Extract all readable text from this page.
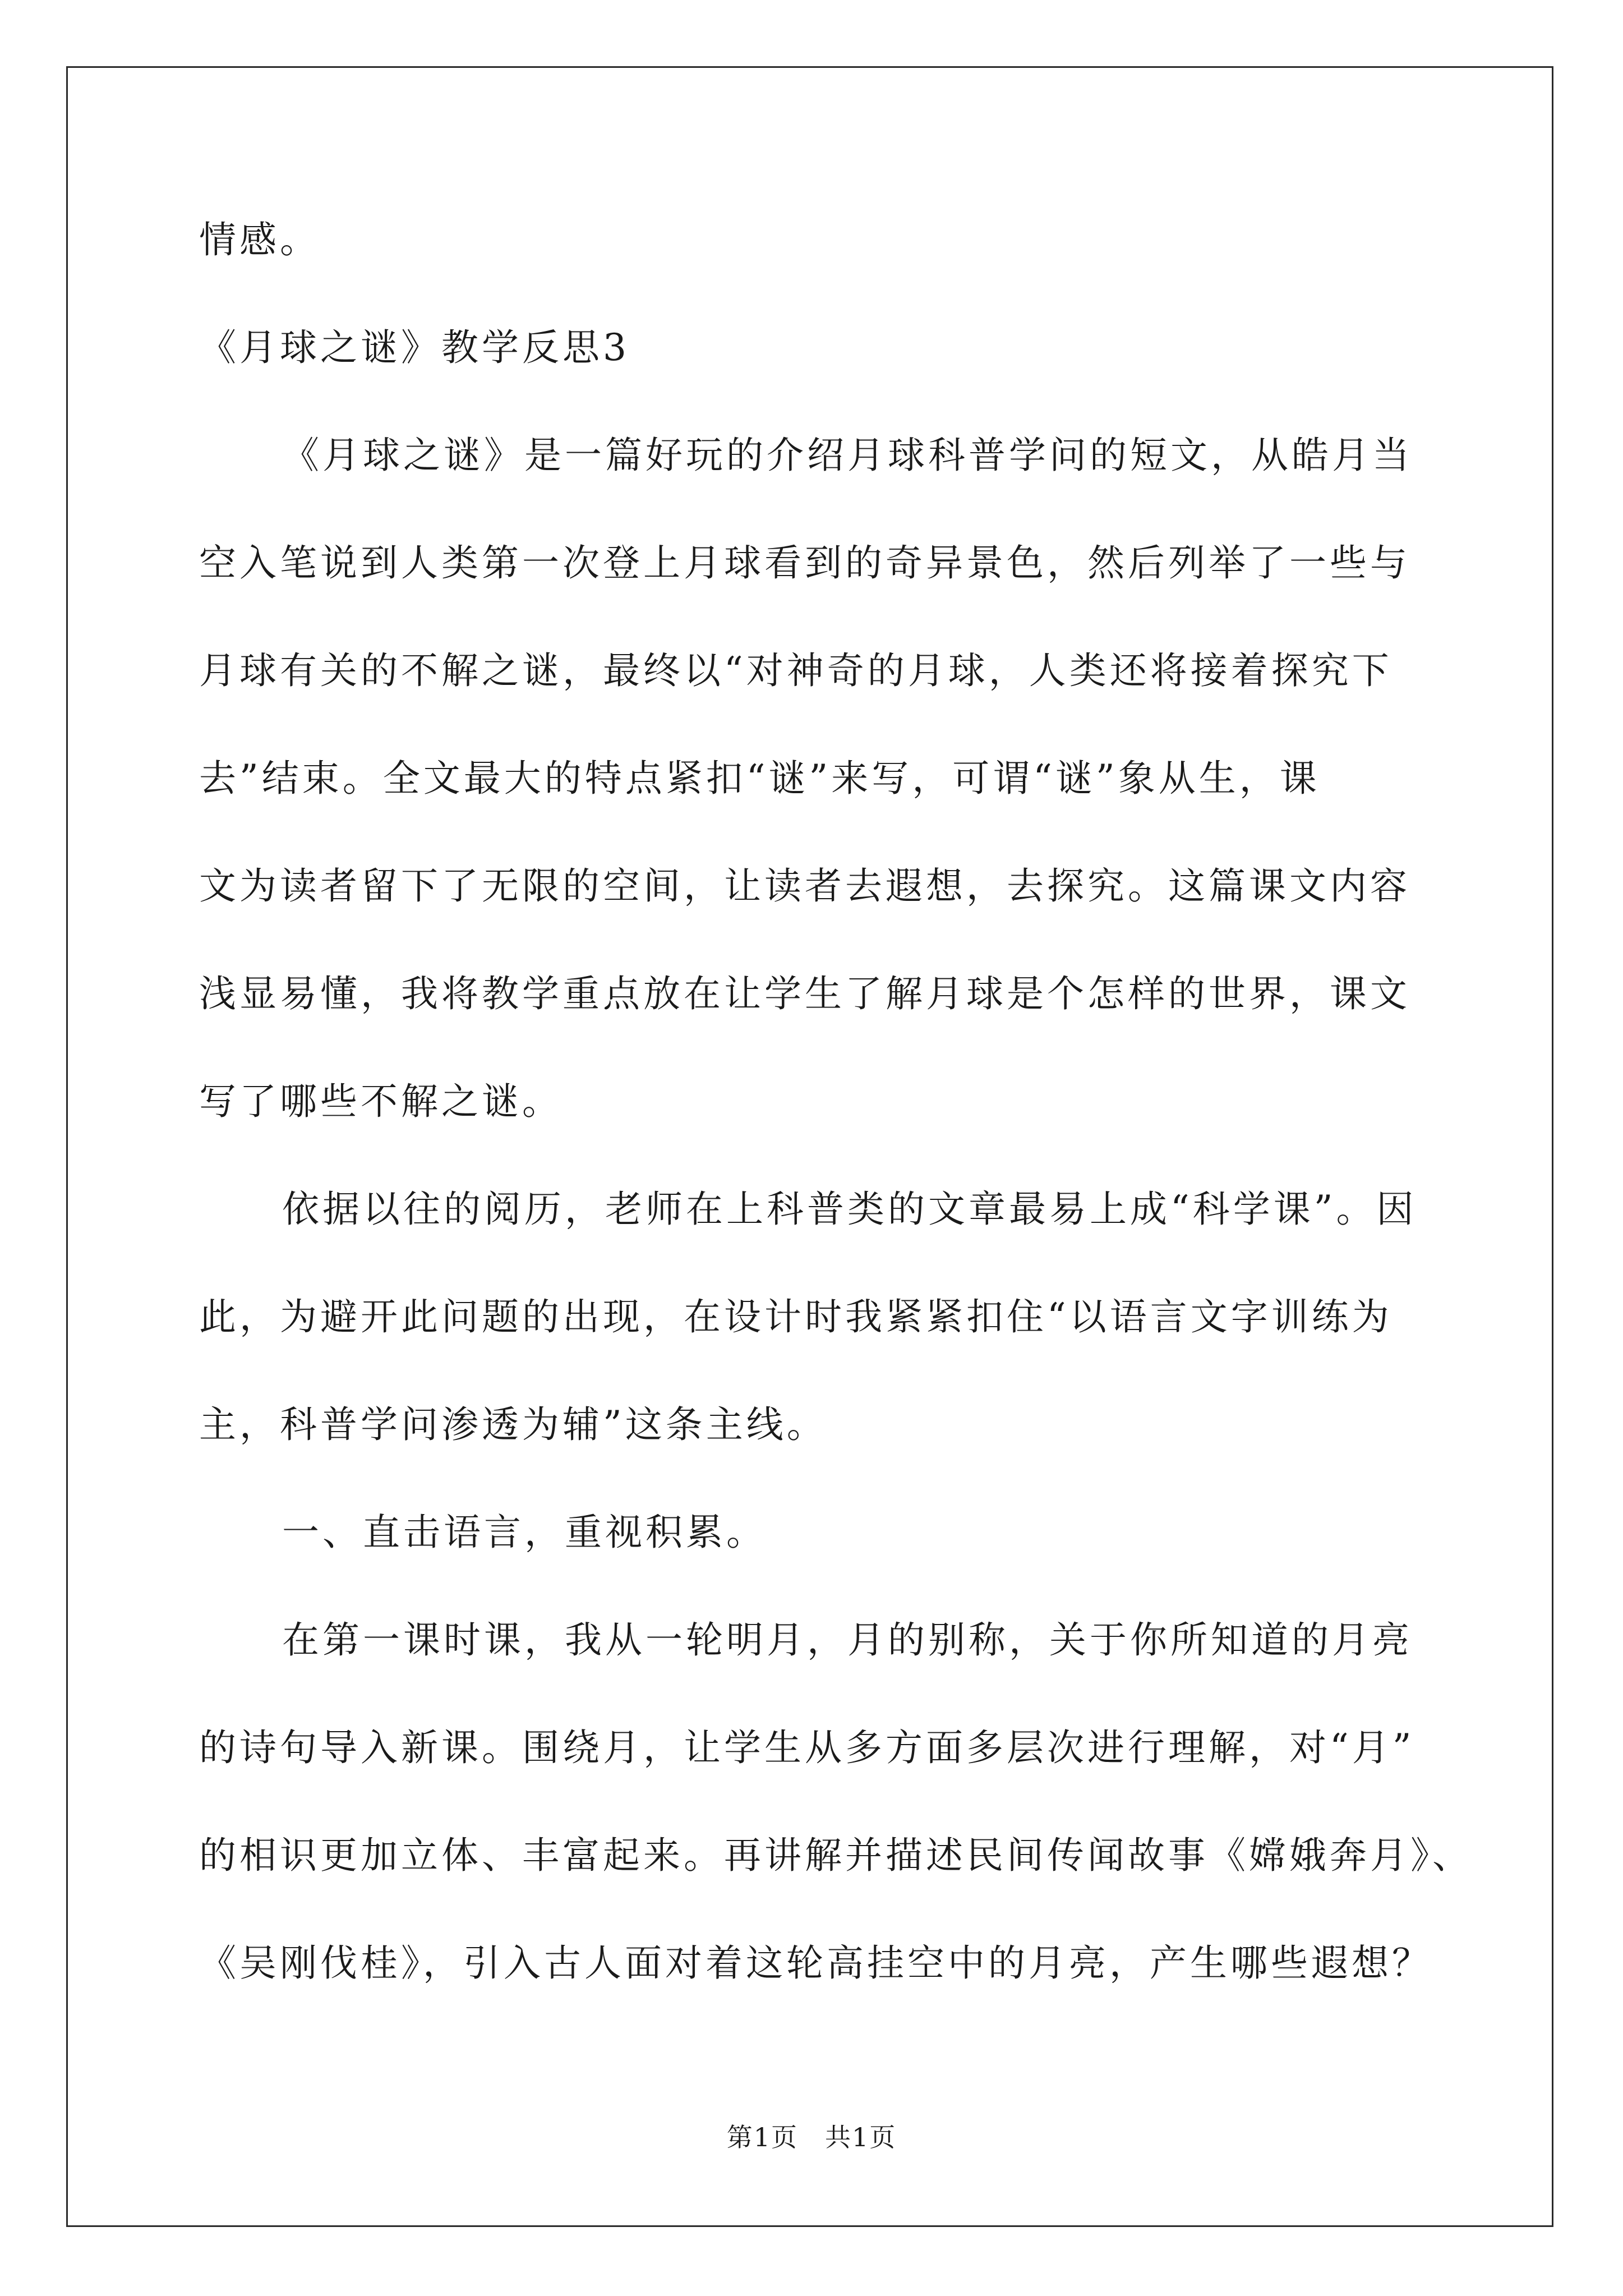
情感。

《月球之谜》教学反思3

《月球之谜》是一篇好玩的介绍月球科普学问的短文，从皓月当

空入笔说到人类第一次登上月球看到的奇异景色，然后列举了一些与

月球有关的不解之谜，最终以“对神奇的月球，人类还将接着探究下

去”结束。全文最大的特点紧扣“谜”来写，可谓“谜”象从生，课

文为读者留下了无限的空间，让读者去遐想，去探究。这篇课文内容

浅显易懂，我将教学重点放在让学生了解月球是个怎样的世界，课文

写了哪些不解之谜。

依据以往的阅历，老师在上科普类的文章最易上成“科学课”。因

此，为避开此问题的出现，在设计时我紧紧扣住“以语言文字训练为

主，科普学问渗透为辅”这条主线。

一、直击语言，重视积累。

在第一课时课，我从一轮明月，月的别称，关于你所知道的月亮

的诗句导入新课。围绕月，让学生从多方面多层次进行理解，对“月”

的相识更加立体、丰富起来。再讲解并描述民间传闻故事《嫦娥奔月》、

《吴刚伐桂》，引入古人面对着这轮高挂空中的月亮，产生哪些遐想？

第1页　共1页
